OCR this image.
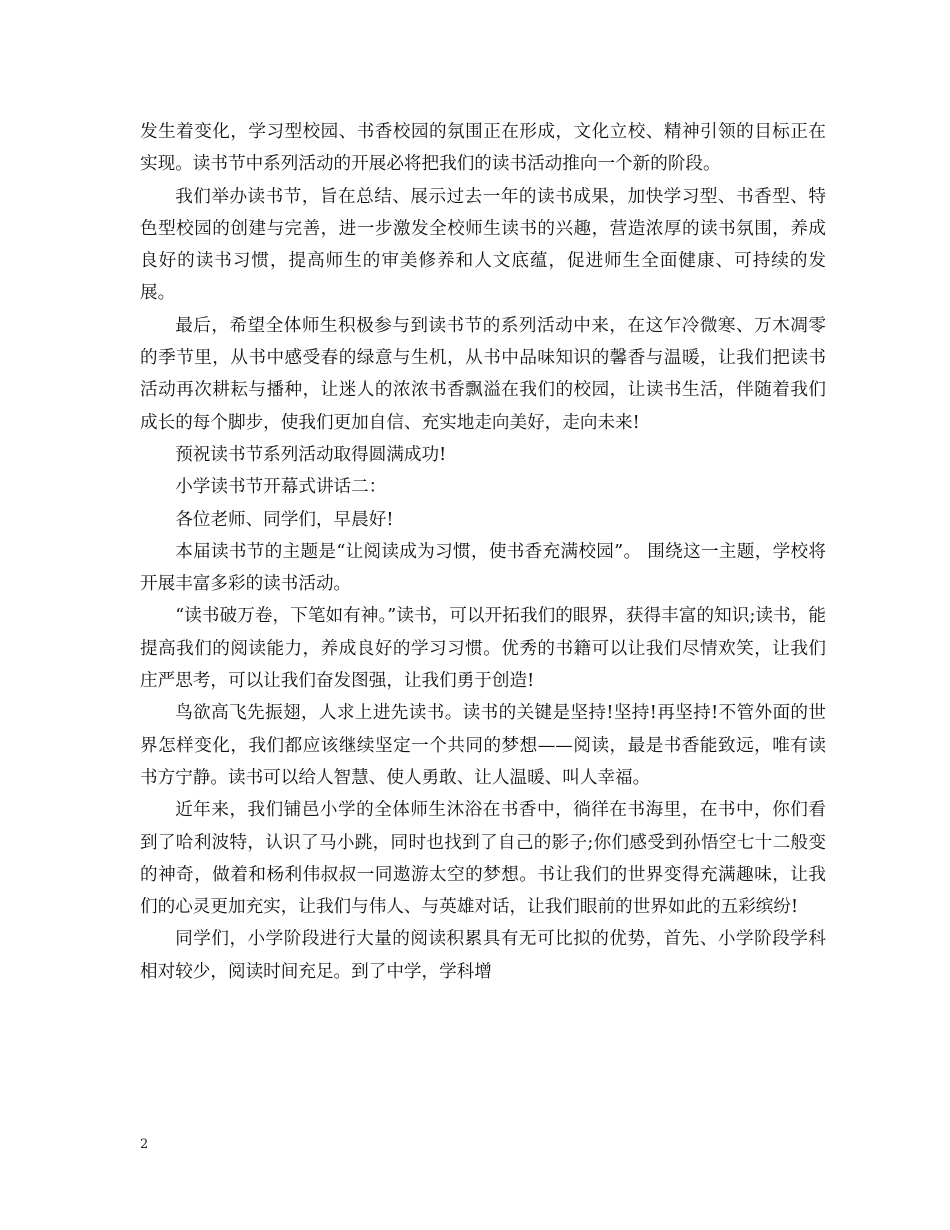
发生着变化，学习型校园、书香校园的氛围正在形成，文化立校、精神引领的目标正在实现。读书节中系列活动的开展必将把我们的读书活动推向一个新的阶段。

我们举办读书节，旨在总结、展示过去一年的读书成果，加快学习型、书香型、特色型校园的创建与完善，进一步激发全校师生读书的兴趣，营造浓厚的读书氛围，养成良好的读书习惯，提高师生的审美修养和人文底蕴，促进师生全面健康、可持续的发展。

最后，希望全体师生积极参与到读书节的系列活动中来，在这乍冷微寒、万木凋零的季节里，从书中感受春的绿意与生机，从书中品味知识的馨香与温暖，让我们把读书活动再次耕耘与播种，让迷人的浓浓书香飘溢在我们的校园，让读书生活，伴随着我们成长的每个脚步，使我们更加自信、充实地走向美好，走向未来!

预祝读书节系列活动取得圆满成功!

小学读书节开幕式讲话二：

各位老师、同学们，早晨好!

本届读书节的主题是“让阅读成为习惯，使书香充满校园”。 围绕这一主题，学校将开展丰富多彩的读书活动。

“读书破万卷，下笔如有神。”读书，可以开拓我们的眼界，获得丰富的知识;读书，能提高我们的阅读能力，养成良好的学习习惯。优秀的书籍可以让我们尽情欢笑，让我们庄严思考，可以让我们奋发图强，让我们勇于创造!

鸟欲高飞先振翅，人求上进先读书。读书的关键是坚持!坚持!再坚持!不管外面的世界怎样变化，我们都应该继续坚定一个共同的梦想——阅读，最是书香能致远，唯有读书方宁静。读书可以给人智慧、使人勇敢、让人温暖、叫人幸福。

近年来，我们铺邑小学的全体师生沐浴在书香中，徜徉在书海里，在书中，你们看到了哈利波特，认识了马小跳，同时也找到了自己的影子;你们感受到孙悟空七十二般变的神奇，做着和杨利伟叔叔一同遨游太空的梦想。书让我们的世界变得充满趣味，让我们的心灵更加充实，让我们与伟人、与英雄对话，让我们眼前的世界如此的五彩缤纷!

同学们，小学阶段进行大量的阅读积累具有无可比拟的优势，首先、小学阶段学科相对较少，阅读时间充足。到了中学，学科增

2
